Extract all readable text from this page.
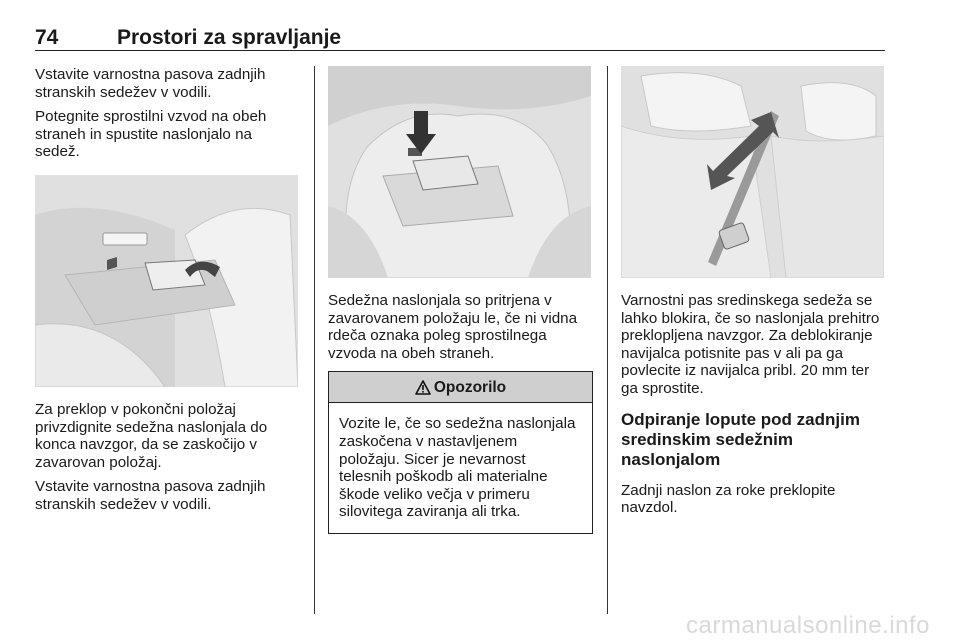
74	Prostori za spravljanje

Vstavite varnostna pasova zadnjih stranskih sedežev v vodili.

Potegnite sprostilni vzvod na obeh straneh in spustite naslonjalo na sedež.

Za preklop v pokončni položaj privzdignite sedežna naslonjala do konca navzgor, da se zaskočijo v zavarovan položaj.

Vstavite varnostna pasova zadnjih stranskih sedežev v vodili.

Sedežna naslonjala so pritrjena v zavarovanem položaju le, če ni vidna rdeča oznaka poleg sprostilnega vzvoda na obeh straneh.

Opozorilo
Vozite le, če so sedežna naslonjala zaskočena v nastavljenem položaju. Sicer je nevarnost telesnih poškodb ali materialne škode veliko večja v primeru silovitega zaviranja ali trka.

Varnostni pas sredinskega sedeža se lahko blokira, če so naslonjala prehitro preklopljena navzgor. Za deblokiranje navijalca potisnite pas v ali pa ga povlecite iz navijalca pribl. 20 mm ter ga sprostite.

Odpiranje lopute pod zadnjim sredinskim sedežnim naslonjalom

Zadnji naslon za roke preklopite navzdol.

carmanualsonline.info
